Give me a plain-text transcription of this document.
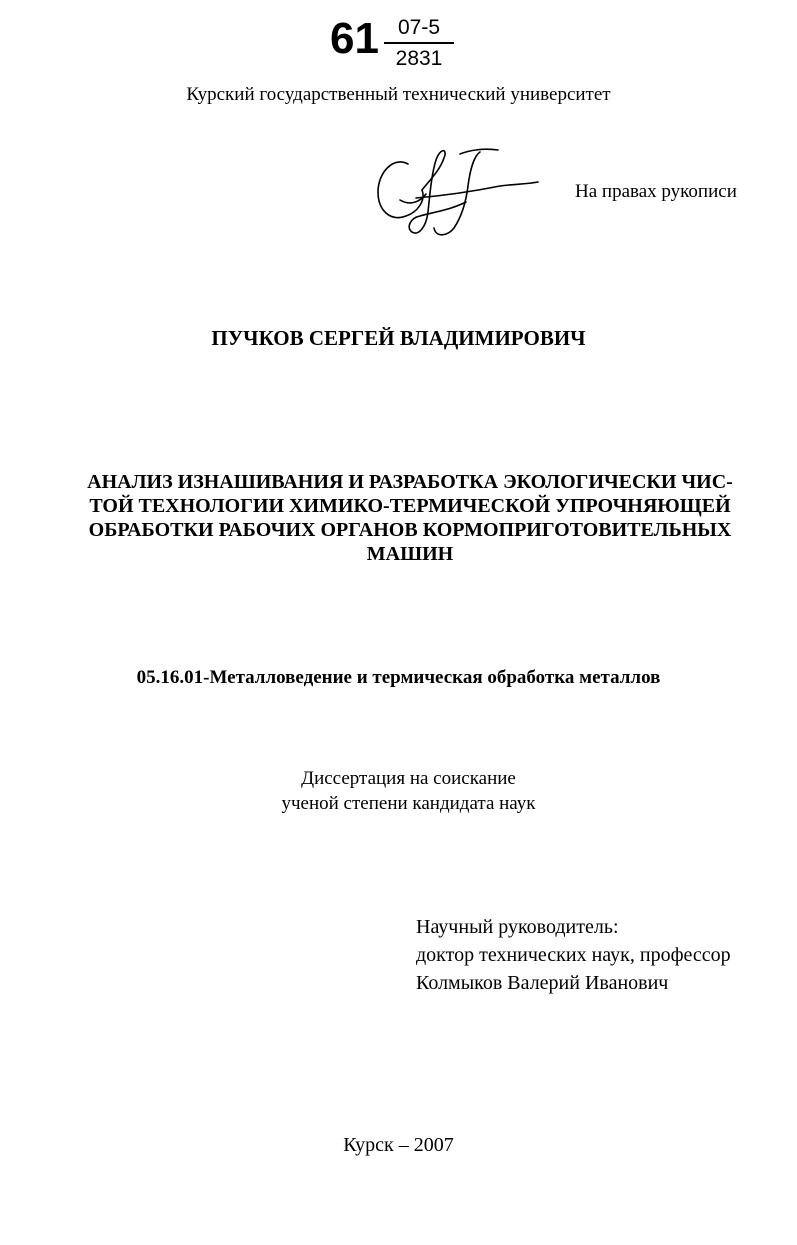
61 07-5
2831
Курский государственный технический университет
На правах рукописи
ПУЧКОВ СЕРГЕЙ ВЛАДИМИРОВИЧ
АНАЛИЗ ИЗНАШИВАНИЯ И РАЗРАБОТКА ЭКОЛОГИЧЕСКИ ЧИС-
ТОЙ ТЕХНОЛОГИИ ХИМИКО-ТЕРМИЧЕСКОЙ УПРОЧНЯЮЩЕЙ
ОБРАБОТКИ РАБОЧИХ ОРГАНОВ КОРМОПРИГОТОВИТЕЛЬНЫХ
МАШИН
05.16.01-Металловедение и термическая обработка металлов
Диссертация на соискание
ученой степени кандидата наук
Научный руководитель:
доктор технических наук, профессор
Колмыков Валерий Иванович
Курск – 2007
